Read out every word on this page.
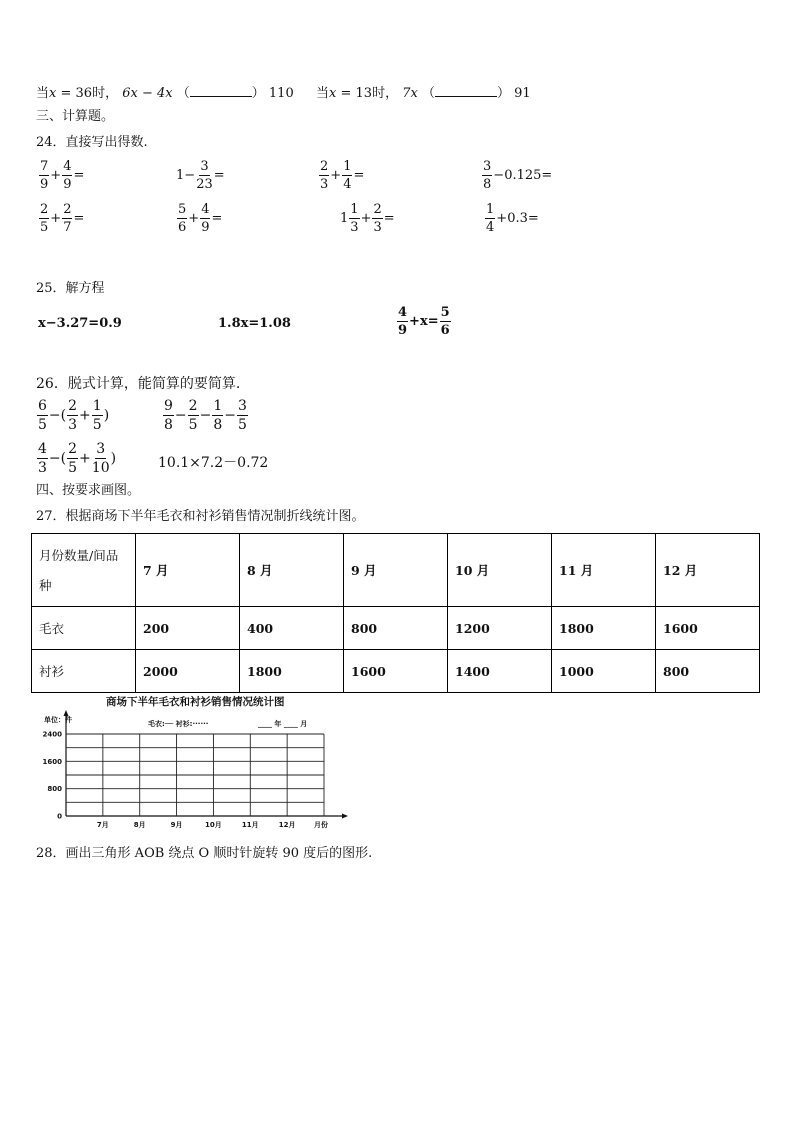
当x = 36时， 6x − 4x （	） 110 当x = 13时， 7x （	） 91
三、计算题。
24．直接写出得数.
$\frac{7}{9} + \frac{4}{9}$ =	$1- \frac{3}{23}$ =	$\frac{2}{3} + \frac{1}{4}$ =	$\frac{3}{8} -0.125=$
$\frac{2}{5} + \frac{2}{7}$ =	$\frac{5}{6} + \frac{4}{9}$ =	$1 \frac{1}{3} + \frac{2}{3}$ =	$\frac{1}{4} +0.3=$
25．解方程
x−3.27=0.9	1.8x=1.08	$\frac{4}{9} +x= \frac{5}{6}$
26．脱式计算，能简算的要简算.
$\frac{6}{5}$ −( $\frac{2}{3} + \frac{1}{5}$ )	$\frac{9}{8} - \frac{2}{5} - \frac{1}{8} - \frac{3}{5}$
$\frac{4}{3}$ −( $\frac{2}{5} + \frac{3}{10}$ )	10.1×7.2－0.72
四、按要求画图。
27．根据商场下半年毛衣和衬衫销售情况制折线统计图。
月份数量/间品
种	7 月	8 月	9 月	10 月	11 月	12 月
毛衣	200	400	800	1200	1800	1600
衬衫	2000	1800	1600	1400	1000	800
商场下半年毛衣和衬衫销售情况统计图
单位：件	毛衣:── 衬衫:······	____ 年 ____ 月
2400
1600
800
0
7月	8月	9月	10月	11月	12月	月份
28．画出三角形 AOB 绕点 O 顺时针旋转 90 度后的图形.
